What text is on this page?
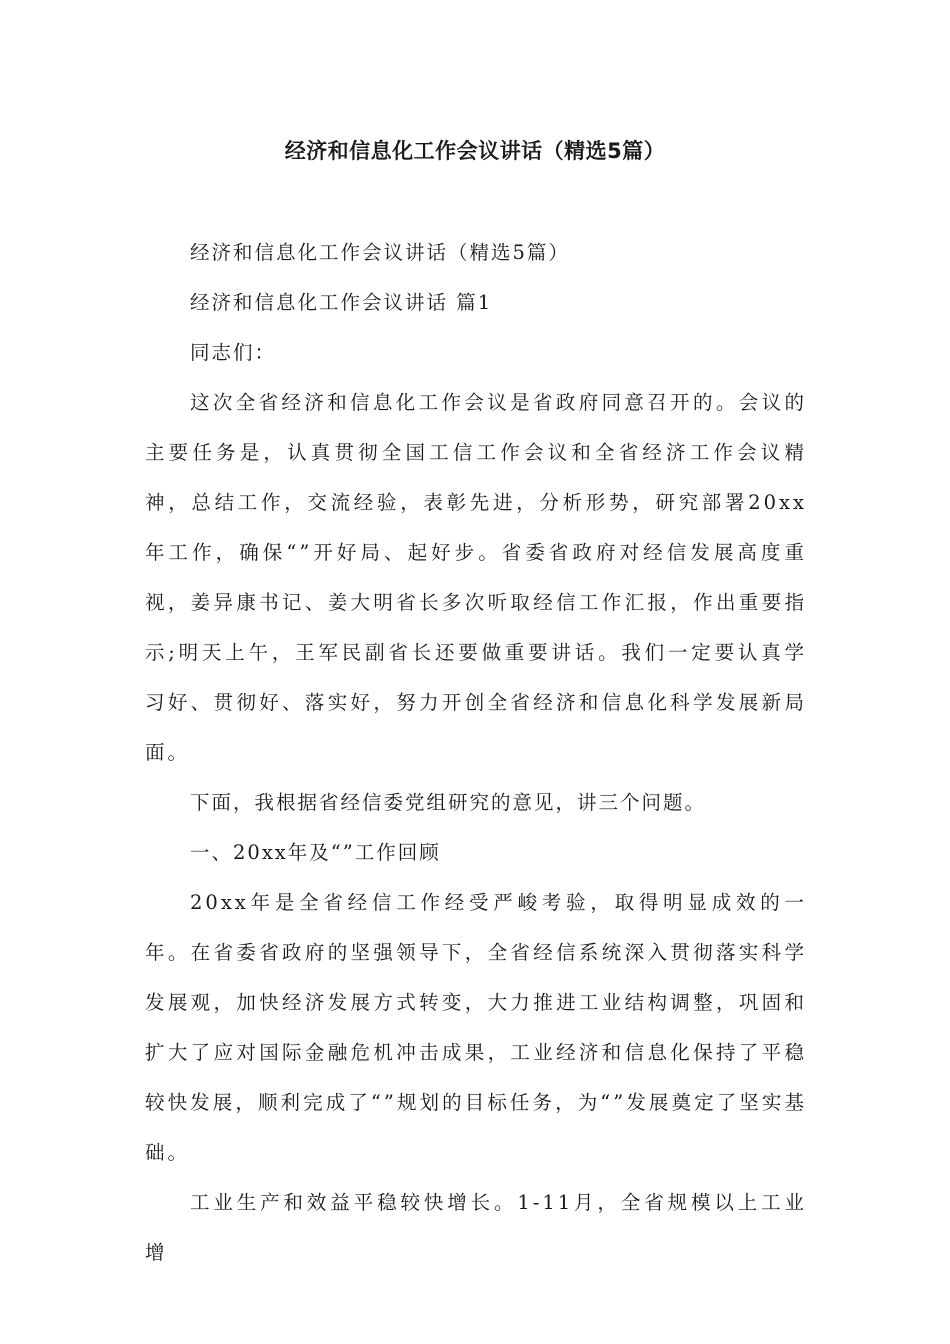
经济和信息化工作会议讲话（精选5篇）

经济和信息化工作会议讲话（精选5篇）

经济和信息化工作会议讲话 篇1

同志们：

这次全省经济和信息化工作会议是省政府同意召开的。会议的主要任务是，认真贯彻全国工信工作会议和全省经济工作会议精神，总结工作，交流经验，表彰先进，分析形势，研究部署20xx年工作，确保“”开好局、起好步。省委省政府对经信发展高度重视，姜异康书记、姜大明省长多次听取经信工作汇报，作出重要指示;明天上午，王军民副省长还要做重要讲话。我们一定要认真学习好、贯彻好、落实好，努力开创全省经济和信息化科学发展新局面。

下面，我根据省经信委党组研究的意见，讲三个问题。

一、20xx年及“”工作回顾

20xx年是全省经信工作经受严峻考验，取得明显成效的一年。在省委省政府的坚强领导下，全省经信系统深入贯彻落实科学发展观，加快经济发展方式转变，大力推进工业结构调整，巩固和扩大了应对国际金融危机冲击成果，工业经济和信息化保持了平稳较快发展，顺利完成了“”规划的目标任务，为“”发展奠定了坚实基础。

工业生产和效益平稳较快增长。1-11月，全省规模以上工业增
